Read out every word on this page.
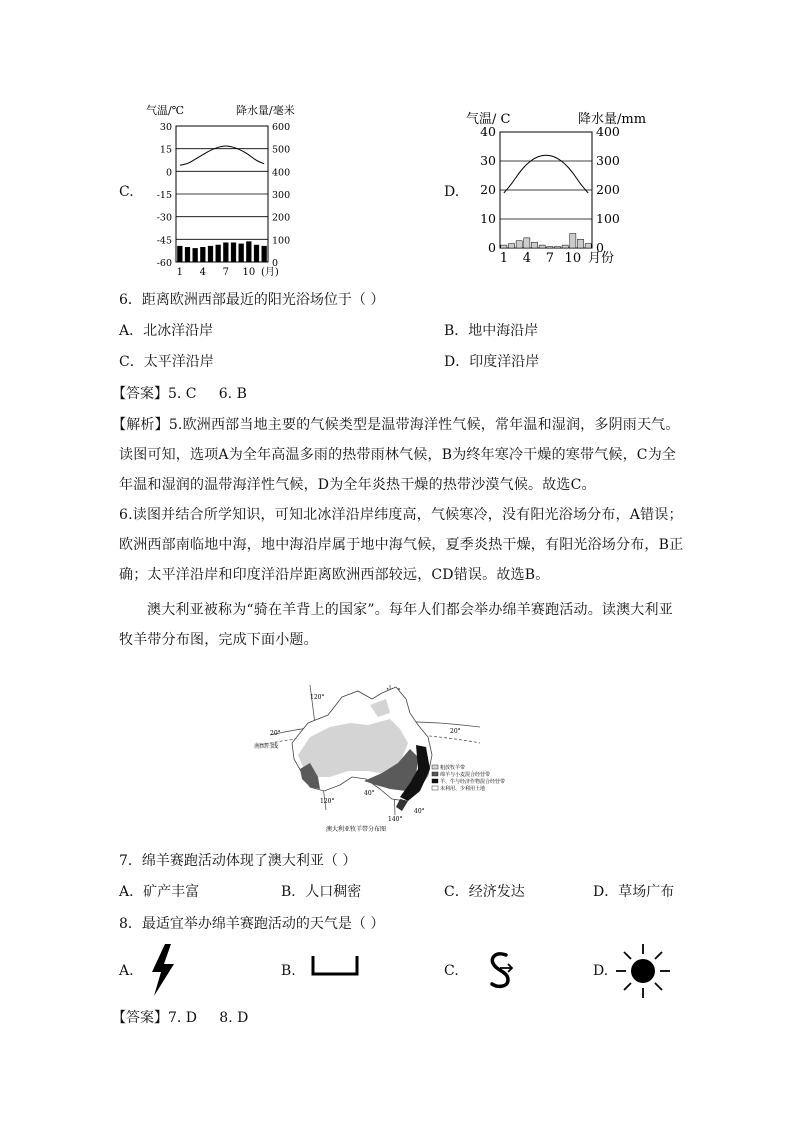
C.
气温/℃	降水量/毫米
30
15
0
-15
-30
-45
-60
600
500
400
300
200
100
0
1 4 7 10 (月)
D.
气温/ C	降水量/mm
40
30
20
10
0
400
300
200
100
0
1 4 7 10 月份
6．距离欧洲西部最近的阳光浴场位于（ ）
A．北冰洋沿岸	B．地中海沿岸
C．太平洋沿岸	D．印度洋沿岸
【答案】5. C     6. B
【解析】5.欧洲西部当地主要的气候类型是温带海洋性气候，常年温和湿润，多阴雨天气。
读图可知，选项A为全年高温多雨的热带雨林气候，B为终年寒冷干燥的寒带气候，C为全
年温和湿润的温带海洋性气候，D为全年炎热干燥的热带沙漠气候。故选C。
6.读图并结合所学知识，可知北冰洋沿岸纬度高，气候寒冷，没有阳光浴场分布，A错误；
欧洲西部南临地中海，地中海沿岸属于地中海气候，夏季炎热干燥，有阳光浴场分布，B正
确；太平洋沿岸和印度洋沿岸距离欧洲西部较远，CD错误。故选B。
澳大利亚被称为“骑在羊背上的国家”。每年人们都会举办绵羊赛跑活动。读澳大利亚
牧羊带分布图，完成下面小题。
120°
20°	20°
南回归线
120°
40°
40°
140°
粗放牧羊带
绵羊与小麦混合经营带
羊、牛与经济作物混合经营带
未利用、少利用土地
澳大利亚牧羊带分布图
7．绵羊赛跑活动体现了澳大利亚（ ）
A．矿产丰富	B．人口稠密	C．经济发达	D．草场广布
8．最适宜举办绵羊赛跑活动的天气是（ ）
A.	B.	C.	D.
【答案】7. D     8. D
